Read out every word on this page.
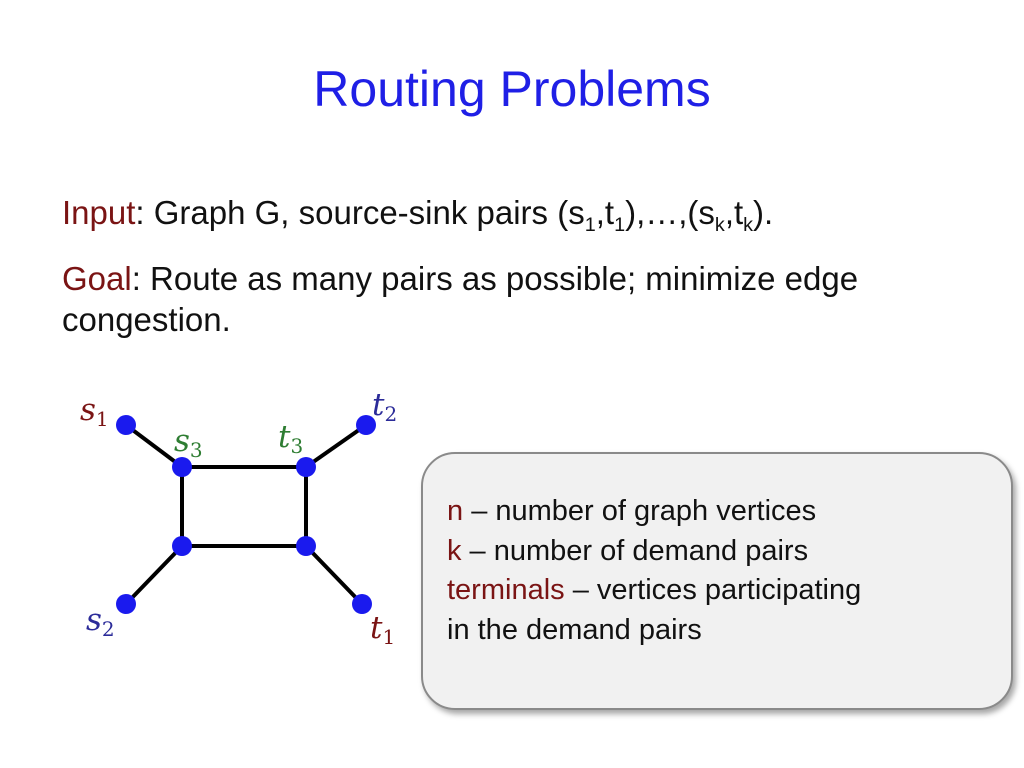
Routing Problems
Input: Graph G, source-sink pairs $(s_1,t_1),\dots,(s_k,t_k)$.
Goal: Route as many pairs as possible; minimize edge congestion.
s1
s3 t3
t2
s2	t1
n – number of graph vertices
k – number of demand pairs
terminals – vertices participating
in the demand pairs
